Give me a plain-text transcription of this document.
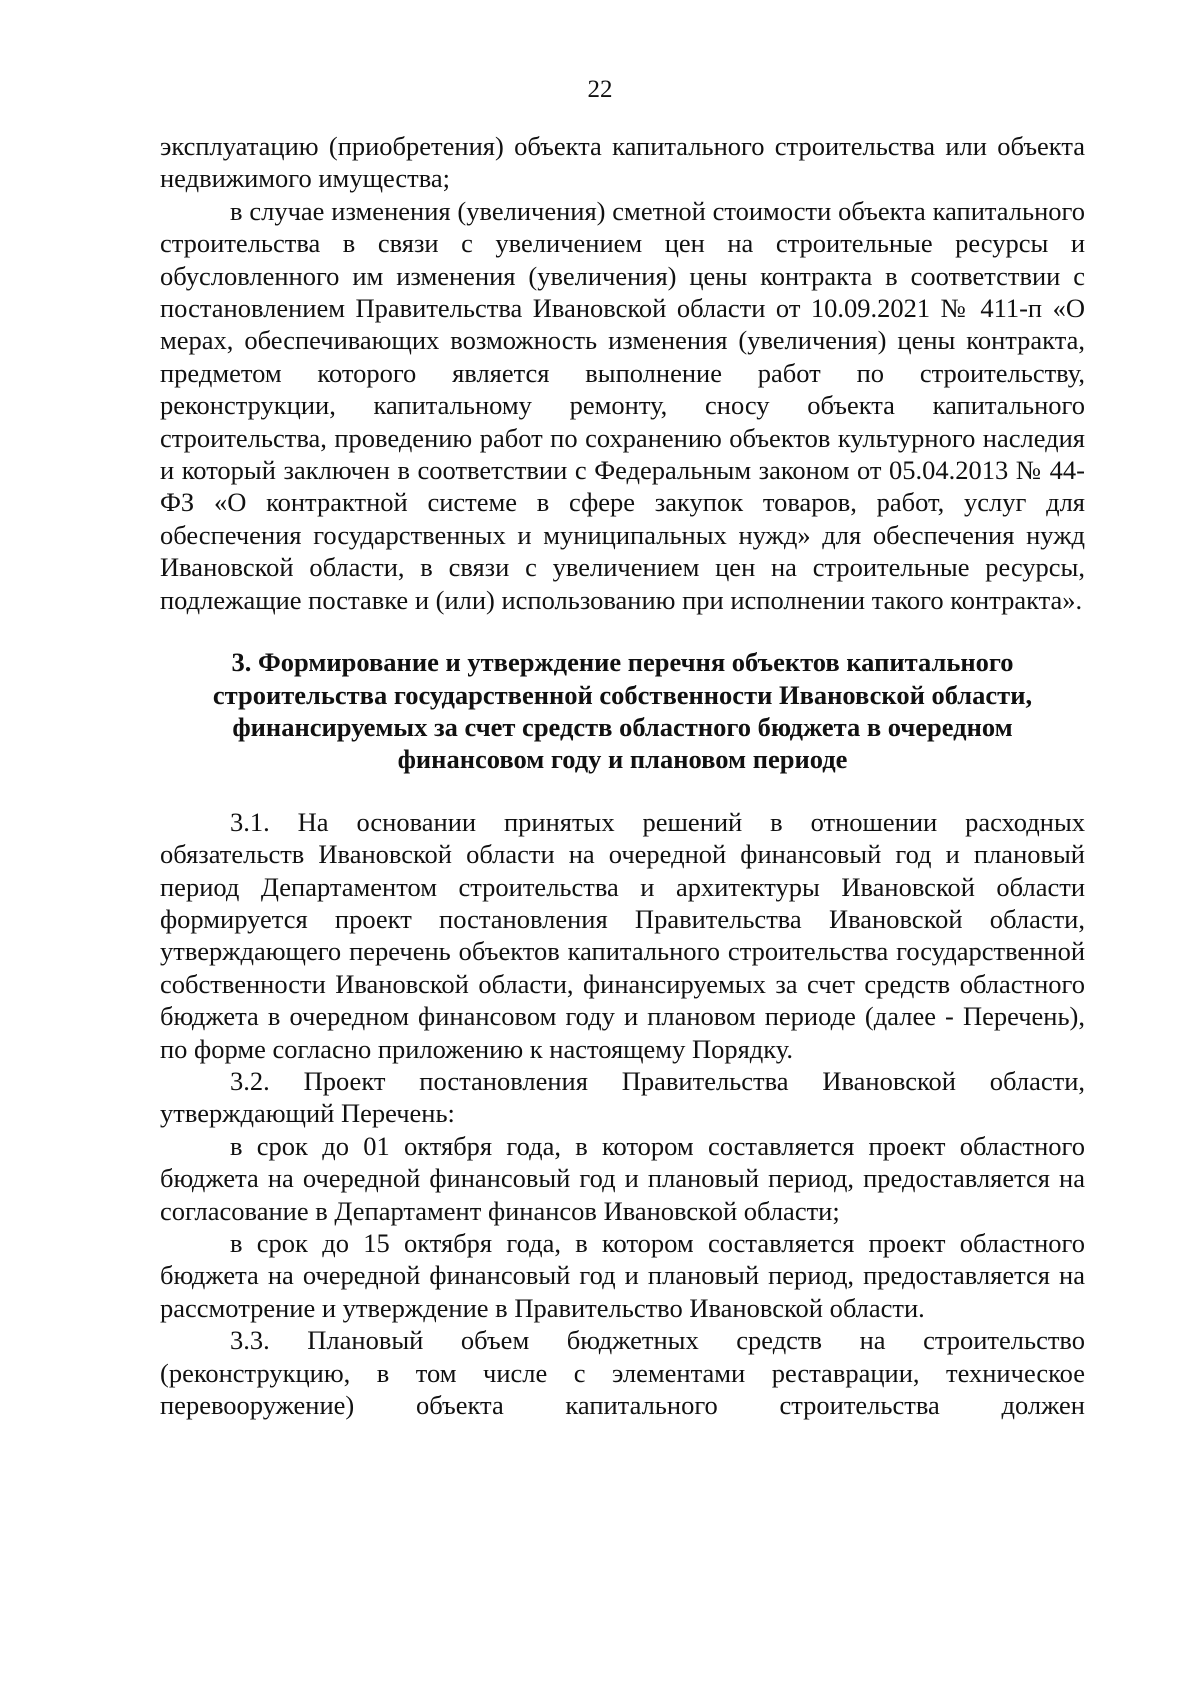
22

эксплуатацию (приобретения) объекта капитального строительства или объекта недвижимого имущества;

в случае изменения (увеличения) сметной стоимости объекта капитального строительства в связи с увеличением цен на строительные ресурсы и обусловленного им изменения (увеличения) цены контракта в соответствии с постановлением Правительства Ивановской области от 10.09.2021 № 411-п «О мерах, обеспечивающих возможность изменения (увеличения) цены контракта, предметом которого является выполнение работ по строительству, реконструкции, капитальному ремонту, сносу объекта капитального строительства, проведению работ по сохранению объектов культурного наследия и который заключен в соответствии с Федеральным законом от 05.04.2013 № 44-ФЗ «О контрактной системе в сфере закупок товаров, работ, услуг для обеспечения государственных и муниципальных нужд» для обеспечения нужд Ивановской области, в связи с увеличением цен на строительные ресурсы, подлежащие поставке и (или) использованию при исполнении такого контракта».

3. Формирование и утверждение перечня объектов капитального
строительства государственной собственности Ивановской области,
финансируемых за счет средств областного бюджета в очередном
финансовом году и плановом периоде

3.1. На основании принятых решений в отношении расходных обязательств Ивановской области на очередной финансовый год и плановый период Департаментом строительства и архитектуры Ивановской области формируется проект постановления Правительства Ивановской области, утверждающего перечень объектов капитального строительства государственной собственности Ивановской области, финансируемых за счет средств областного бюджета в очередном финансовом году и плановом периоде (далее - Перечень), по форме согласно приложению к настоящему Порядку.

3.2. Проект постановления Правительства Ивановской области, утверждающий Перечень:

в срок до 01 октября года, в котором составляется проект областного бюджета на очередной финансовый год и плановый период, предоставляется на согласование в Департамент финансов Ивановской области;

в срок до 15 октября года, в котором составляется проект областного бюджета на очередной финансовый год и плановый период, предоставляется на рассмотрение и утверждение в Правительство Ивановской области.

3.3. Плановый объем бюджетных средств на строительство (реконструкцию, в том числе с элементами реставрации, техническое перевооружение) объекта капитального строительства должен
